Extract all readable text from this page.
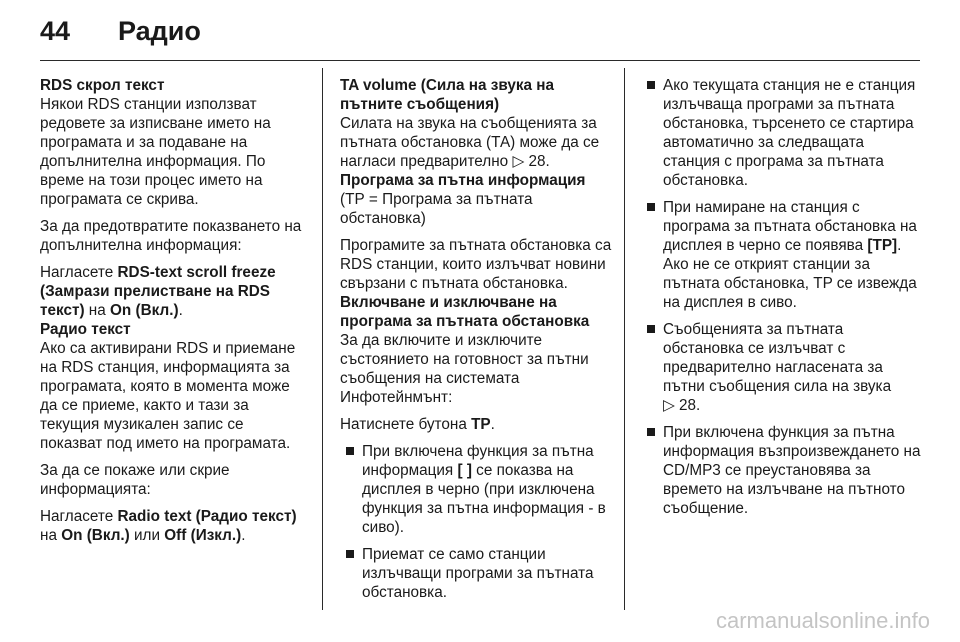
44 Радио
RDS скрол текст
Някои RDS станции използват редовете за изписване името на програмата и за подаване на допълнителна информация. По време на този процес името на програмата се скрива.
За да предотвратите показването на допълнителна информация:
Нагласете RDS-text scroll freeze (Замрази прелистване на RDS текст) на On (Вкл.).
Радио текст
Ако са активирани RDS и приемане на RDS станция, информацията за програмата, която в момента може да се приеме, както и тази за текущия музикален запис се показват под името на програмата.
За да се покаже или скрие информацията:
Нагласете Radio text (Радио текст) на On (Вкл.) или Off (Изкл.).
TA volume (Сила на звука на пътните съобщения)
Силата на звука на съобщенията за пътната обстановка (ТА) може да се нагласи предварително ▷ 28.
Програма за пътна информация
(ТР = Програма за пътната обстановка)
Програмите за пътната обстановка са RDS станции, които излъчват новини свързани с пътната обстановка.
Включване и изключване на програма за пътната обстановка
За да включите и изключите състоянието на готовност за пътни съобщения на системата Инфотейнмънт:
Натиснете бутона TP.
При включена функция за пътна информация [ ] се показва на дисплея в черно (при изключена функция за пътна информация - в сиво).
Приемат се само станции излъчващи програми за пътната обстановка.
Ако текущата станция не е станция излъчваща програми за пътната обстановка, търсенето се стартира автоматично за следващата станция с програма за пътната обстановка.
При намиране на станция с програма за пътната обстановка на дисплея в черно се появява [TP]. Ако не се открият станции за пътната обстановка, TP се извежда на дисплея в сиво.
Съобщенията за пътната обстановка се излъчват с предварително нагласената за пътни съобщения сила на звука
▷ 28.
При включена функция за пътна информация възпроизвеждането на CD/MP3 се преустановява за времето на излъчване на пътното съобщение.
carmanualsonline.info
